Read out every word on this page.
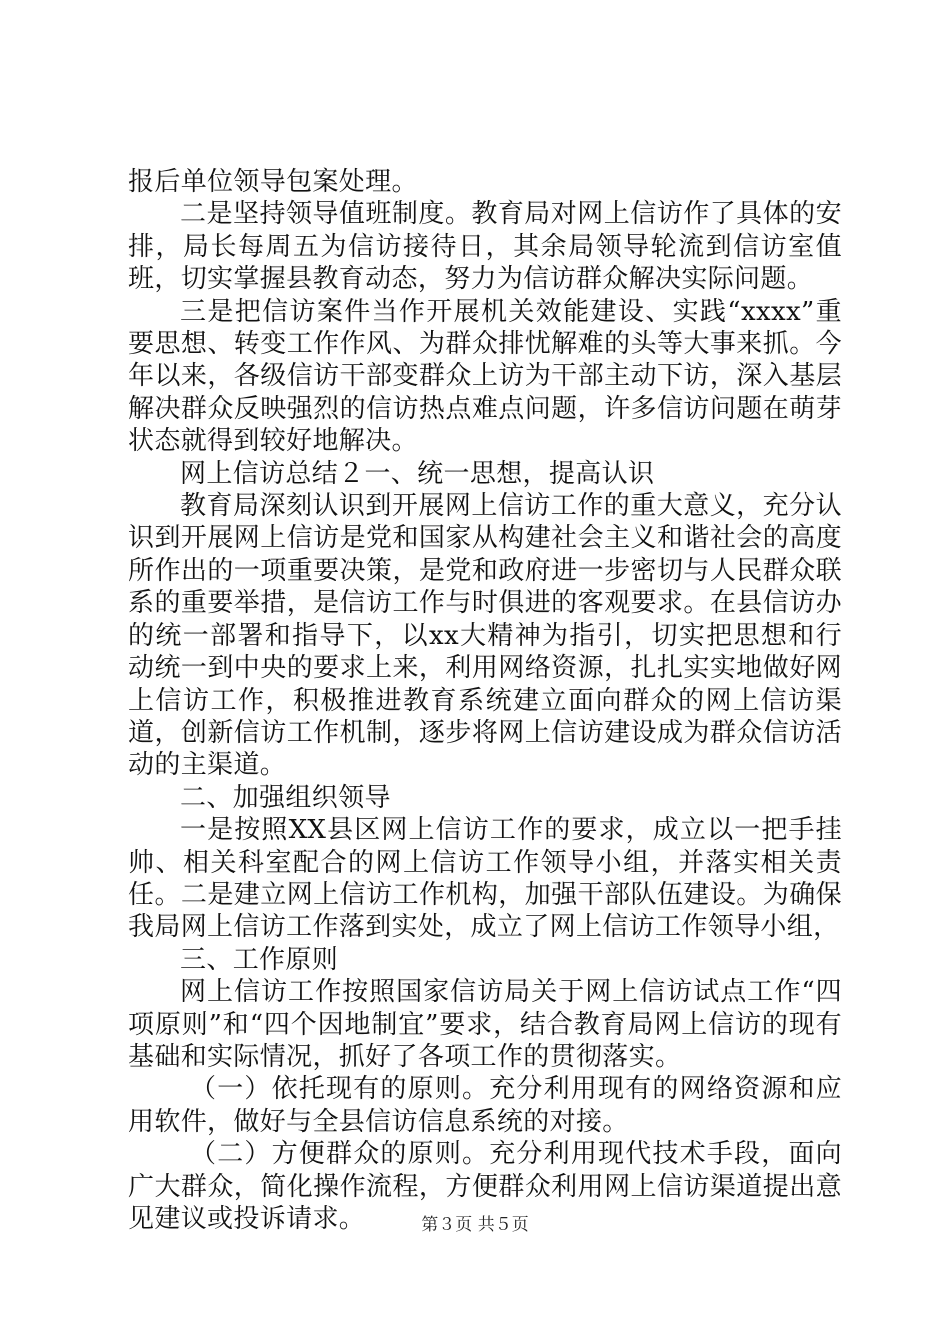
报后单位领导包案处理。

二是坚持领导值班制度。教育局对网上信访作了具体的安排，局长每周五为信访接待日，其余局领导轮流到信访室值班，切实掌握县教育动态，努力为信访群众解决实际问题。

三是把信访案件当作开展机关效能建设、实践“xxxx”重要思想、转变工作作风、为群众排忧解难的头等大事来抓。今年以来，各级信访干部变群众上访为干部主动下访，深入基层解决群众反映强烈的信访热点难点问题，许多信访问题在萌芽状态就得到较好地解决。

网上信访总结２一、统一思想，提高认识

教育局深刻认识到开展网上信访工作的重大意义，充分认识到开展网上信访是党和国家从构建社会主义和谐社会的高度所作出的一项重要决策，是党和政府进一步密切与人民群众联系的重要举措，是信访工作与时俱进的客观要求。在县信访办的统一部署和指导下，以xx大精神为指引，切实把思想和行动统一到中央的要求上来，利用网络资源，扎扎实实地做好网上信访工作，积极推进教育系统建立面向群众的网上信访渠道，创新信访工作机制，逐步将网上信访建设成为群众信访活动的主渠道。

二、加强组织领导

一是按照XX县区网上信访工作的要求，成立以一把手挂帅、相关科室配合的网上信访工作领导小组，并落实相关责任。二是建立网上信访工作机构，加强干部队伍建设。为确保我局网上信访工作落到实处，成立了网上信访工作领导小组，

三、工作原则

网上信访工作按照国家信访局关于网上信访试点工作“四项原则”和“四个因地制宜”要求，结合教育局网上信访的现有基础和实际情况，抓好了各项工作的贯彻落实。

（一）依托现有的原则。充分利用现有的网络资源和应用软件，做好与全县信访信息系统的对接。

（二）方便群众的原则。充分利用现代技术手段，面向广大群众，简化操作流程，方便群众利用网上信访渠道提出意见建议或投诉请求。	第３页 共５页
